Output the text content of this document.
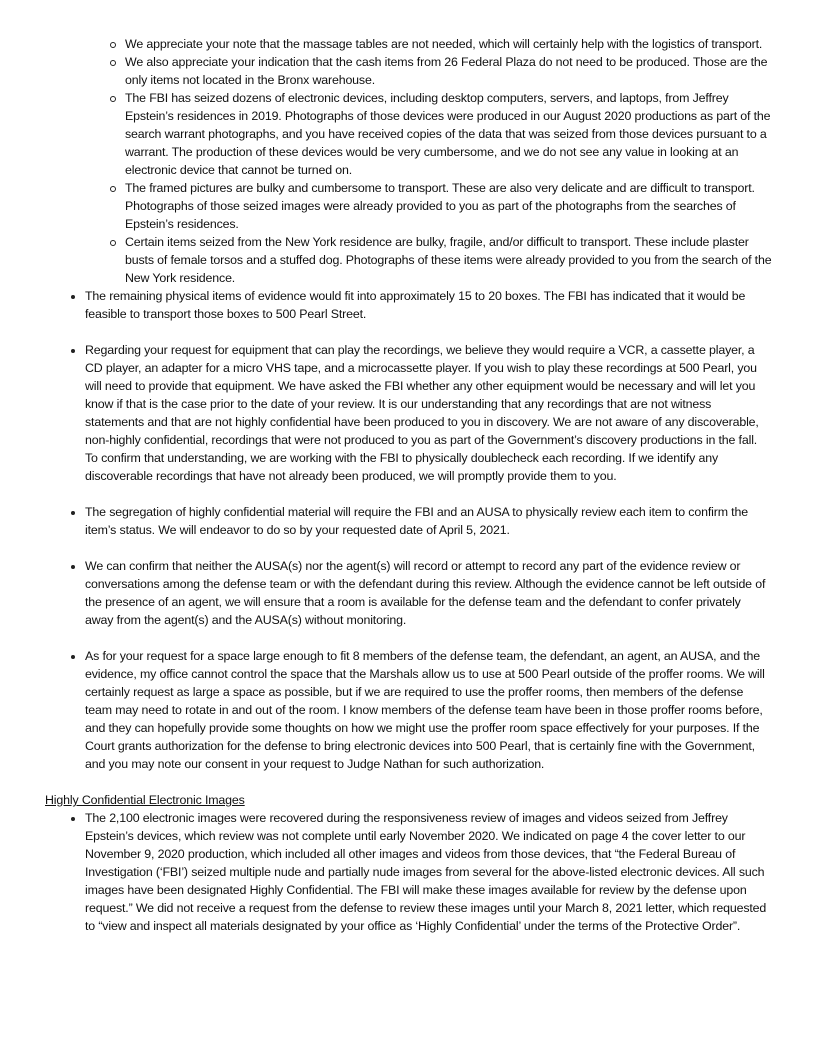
We appreciate your note that the massage tables are not needed, which will certainly help with the logistics of transport.
We also appreciate your indication that the cash items from 26 Federal Plaza do not need to be produced. Those are the only items not located in the Bronx warehouse.
The FBI has seized dozens of electronic devices, including desktop computers, servers, and laptops, from Jeffrey Epstein’s residences in 2019. Photographs of those devices were produced in our August 2020 productions as part of the search warrant photographs, and you have received copies of the data that was seized from those devices pursuant to a warrant. The production of these devices would be very cumbersome, and we do not see any value in looking at an electronic device that cannot be turned on.
The framed pictures are bulky and cumbersome to transport. These are also very delicate and are difficult to transport. Photographs of those seized images were already provided to you as part of the photographs from the searches of Epstein’s residences.
Certain items seized from the New York residence are bulky, fragile, and/or difficult to transport. These include plaster busts of female torsos and a stuffed dog. Photographs of these items were already provided to you from the search of the New York residence.
The remaining physical items of evidence would fit into approximately 15 to 20 boxes. The FBI has indicated that it would be feasible to transport those boxes to 500 Pearl Street.
Regarding your request for equipment that can play the recordings, we believe they would require a VCR, a cassette player, a CD player, an adapter for a micro VHS tape, and a microcassette player. If you wish to play these recordings at 500 Pearl, you will need to provide that equipment. We have asked the FBI whether any other equipment would be necessary and will let you know if that is the case prior to the date of your review. It is our understanding that any recordings that are not witness statements and that are not highly confidential have been produced to you in discovery. We are not aware of any discoverable, non-highly confidential, recordings that were not produced to you as part of the Government’s discovery productions in the fall. To confirm that understanding, we are working with the FBI to physically doublecheck each recording. If we identify any discoverable recordings that have not already been produced, we will promptly provide them to you.
The segregation of highly confidential material will require the FBI and an AUSA to physically review each item to confirm the item’s status. We will endeavor to do so by your requested date of April 5, 2021.
We can confirm that neither the AUSA(s) nor the agent(s) will record or attempt to record any part of the evidence review or conversations among the defense team or with the defendant during this review. Although the evidence cannot be left outside of the presence of an agent, we will ensure that a room is available for the defense team and the defendant to confer privately away from the agent(s) and the AUSA(s) without monitoring.
As for your request for a space large enough to fit 8 members of the defense team, the defendant, an agent, an AUSA, and the evidence, my office cannot control the space that the Marshals allow us to use at 500 Pearl outside of the proffer rooms. We will certainly request as large a space as possible, but if we are required to use the proffer rooms, then members of the defense team may need to rotate in and out of the room. I know members of the defense team have been in those proffer rooms before, and they can hopefully provide some thoughts on how we might use the proffer room space effectively for your purposes. If the Court grants authorization for the defense to bring electronic devices into 500 Pearl, that is certainly fine with the Government, and you may note our consent in your request to Judge Nathan for such authorization.
Highly Confidential Electronic Images
The 2,100 electronic images were recovered during the responsiveness review of images and videos seized from Jeffrey Epstein’s devices, which review was not complete until early November 2020. We indicated on page 4 the cover letter to our November 9, 2020 production, which included all other images and videos from those devices, that “the Federal Bureau of Investigation (‘FBI’) seized multiple nude and partially nude images from several for the above-listed electronic devices. All such images have been designated Highly Confidential. The FBI will make these images available for review by the defense upon request.” We did not receive a request from the defense to review these images until your March 8, 2021 letter, which requested to “view and inspect all materials designated by your office as ‘Highly Confidential’ under the terms of the Protective Order”.
